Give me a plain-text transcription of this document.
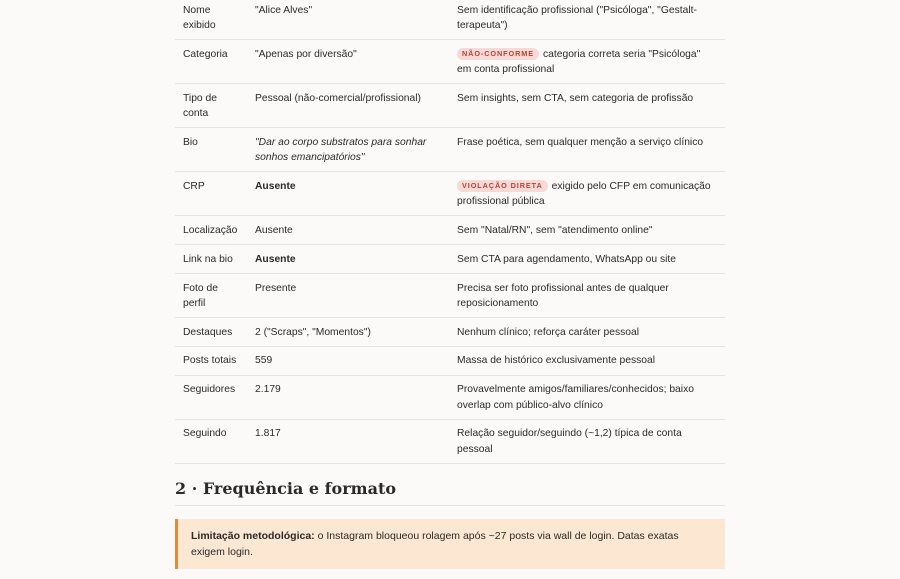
Nome exibido	"Alice Alves"	Sem identificação profissional ("Psicóloga", "Gestalt-terapeuta")
Categoria	"Apenas por diversão"	NÃO-CONFORME categoria correta seria "Psicóloga" em conta profissional
Tipo de conta	Pessoal (não-comercial/profissional)	Sem insights, sem CTA, sem categoria de profissão
Bio	"Dar ao corpo substratos para sonhar sonhos emancipatórios"	Frase poética, sem qualquer menção a serviço clínico
CRP	Ausente	VIOLAÇÃO DIRETA exigido pelo CFP em comunicação profissional pública
Localização	Ausente	Sem "Natal/RN", sem "atendimento online"
Link na bio	Ausente	Sem CTA para agendamento, WhatsApp ou site
Foto de perfil	Presente	Precisa ser foto profissional antes de qualquer reposicionamento
Destaques	2 ("Scraps", "Momentos")	Nenhum clínico; reforça caráter pessoal
Posts totais	559	Massa de histórico exclusivamente pessoal
Seguidores	2.179	Provavelmente amigos/familiares/conhecidos; baixo overlap com público-alvo clínico
Seguindo	1.817	Relação seguidor/seguindo (~1,2) típica de conta pessoal
2 · Frequência e formato
Limitação metodológica: o Instagram bloqueou rolagem após ~27 posts via wall de login. Datas exatas exigem login.
